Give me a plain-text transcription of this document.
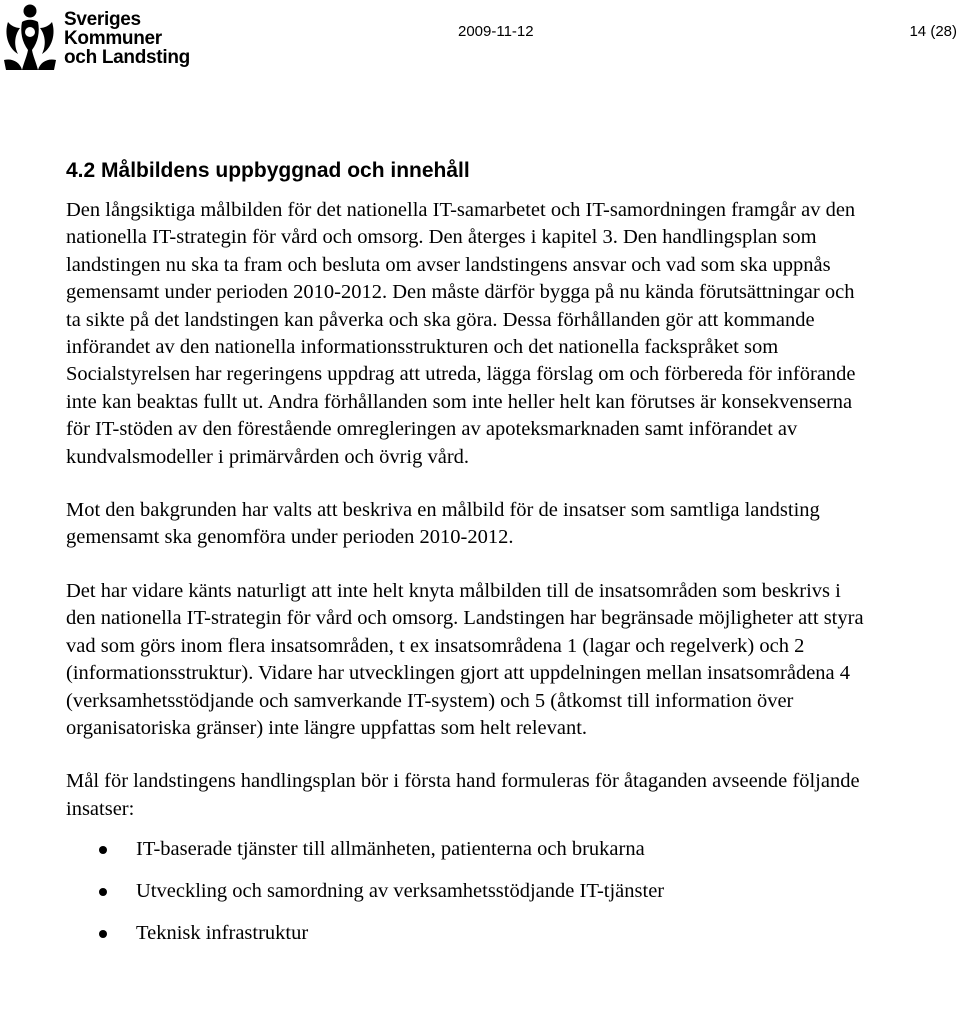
Sveriges
Kommuner
och Landsting
2009-11-12	14 (28)
4.2 Målbildens uppbyggnad och innehåll

Den långsiktiga målbilden för det nationella IT-samarbetet och IT-samordningen framgår av den nationella IT-strategin för vård och omsorg. Den återges i kapitel 3. Den handlingsplan som landstingen nu ska ta fram och besluta om avser landstingens ansvar och vad som ska uppnås gemensamt under perioden 2010-2012. Den måste därför bygga på nu kända förutsättningar och ta sikte på det landstingen kan påverka och ska göra. Dessa förhållanden gör att kommande införandet av den nationella informationsstrukturen och det nationella fackspråket som Socialstyrelsen har regeringens uppdrag att utreda, lägga förslag om och förbereda för införande inte kan beaktas fullt ut. Andra förhållanden som inte heller helt kan förutses är konsekvenserna för IT-stöden av den förestående omregleringen av apoteksmarknaden samt införandet av kundvalsmodeller i primärvården och övrig vård.

Mot den bakgrunden har valts att beskriva en målbild för de insatser som samtliga landsting gemensamt ska genomföra under perioden 2010-2012.

Det har vidare känts naturligt att inte helt knyta målbilden till de insatsområden som beskrivs i den nationella IT-strategin för vård och omsorg. Landstingen har begränsade möjligheter att styra vad som görs inom flera insatsområden, t ex insatsområdena 1 (lagar och regelverk) och 2 (informationsstruktur). Vidare har utvecklingen gjort att uppdelningen mellan insatsområdena 4 (verksamhetsstödjande och samverkande IT-system) och 5 (åtkomst till information över organisatoriska gränser) inte längre uppfattas som helt relevant.

Mål för landstingens handlingsplan bör i första hand formuleras för åtaganden avseende följande insatser:

IT-baserade tjänster till allmänheten, patienterna och brukarna
Utveckling och samordning av verksamhetsstödjande IT-tjänster
Teknisk infrastruktur
